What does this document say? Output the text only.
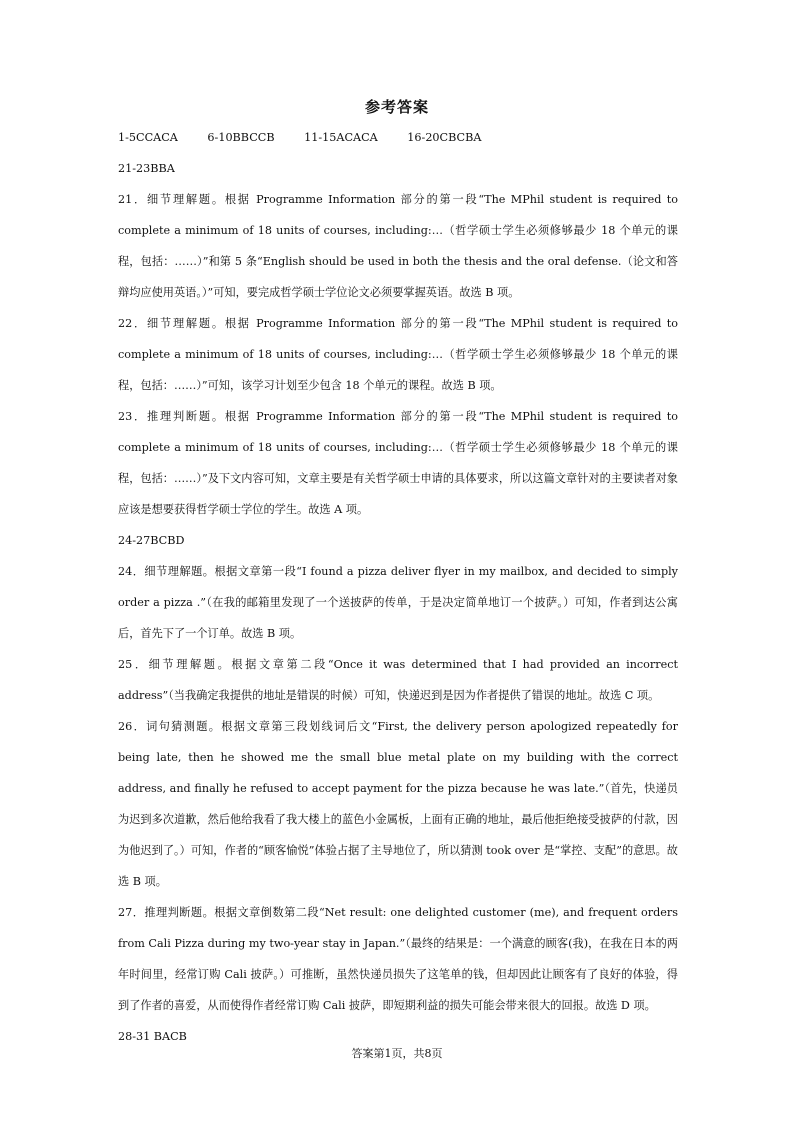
参考答案

1-5CCACA	6-10BBCCB	11-15ACACA	16-20CBCBA

21-23BBA

21．细节理解题。根据 Programme Information 部分的第一段“The MPhil student is required to complete a minimum of 18 units of courses, including:…（哲学硕士学生必须修够最少 18 个单元的课程，包括：……）”和第 5 条“English should be used in both the thesis and the oral defense.（论文和答辩均应使用英语。）”可知，要完成哲学硕士学位论文必须要掌握英语。故选 B 项。

22．细节理解题。根据 Programme Information 部分的第一段“The MPhil student is required to complete a minimum of 18 units of courses, including:…（哲学硕士学生必须修够最少 18 个单元的课程，包括：……）”可知，该学习计划至少包含 18 个单元的课程。故选 B 项。

23．推理判断题。根据 Programme Information 部分的第一段“The MPhil student is required to complete a minimum of 18 units of courses, including:…（哲学硕士学生必须修够最少 18 个单元的课程，包括：……）”及下文内容可知，文章主要是有关哲学硕士申请的具体要求，所以这篇文章针对的主要读者对象应该是想要获得哲学硕士学位的学生。故选 A 项。

24-27BCBD

24．细节理解题。根据文章第一段“I found a pizza deliver flyer in my mailbox, and decided to simply order a pizza .”（在我的邮箱里发现了一个送披萨的传单，于是决定简单地订一个披萨。）可知，作者到达公寓后，首先下了一个订单。故选 B 项。

25．细节理解题。根据文章第二段“Once it was determined that I had provided an incorrect address”（当我确定我提供的地址是错误的时候）可知，快递迟到是因为作者提供了错误的地址。故选 C 项。

26．词句猜测题。根据文章第三段划线词后文“First, the delivery person apologized repeatedly for being late, then he showed me the small blue metal plate on my building with the correct address, and finally he refused to accept payment for the pizza because he was late.”（首先，快递员为迟到多次道歉，然后他给我看了我大楼上的蓝色小金属板，上面有正确的地址，最后他拒绝接受披萨的付款，因为他迟到了。）可知，作者的“顾客愉悦”体验占据了主导地位了，所以猜测 took over 是“掌控、支配”的意思。故选 B 项。

27．推理判断题。根据文章倒数第二段“Net result: one delighted customer (me), and frequent orders from Cali Pizza during my two-year stay in Japan.”（最终的结果是：一个满意的顾客(我)，在我在日本的两年时间里，经常订购 Cali 披萨。）可推断，虽然快递员损失了这笔单的钱，但却因此让顾客有了良好的体验，得到了作者的喜爱，从而使得作者经常订购 Cali 披萨，即短期利益的损失可能会带来很大的回报。故选 D 项。

28-31 BACB

答案第1页，共8页
